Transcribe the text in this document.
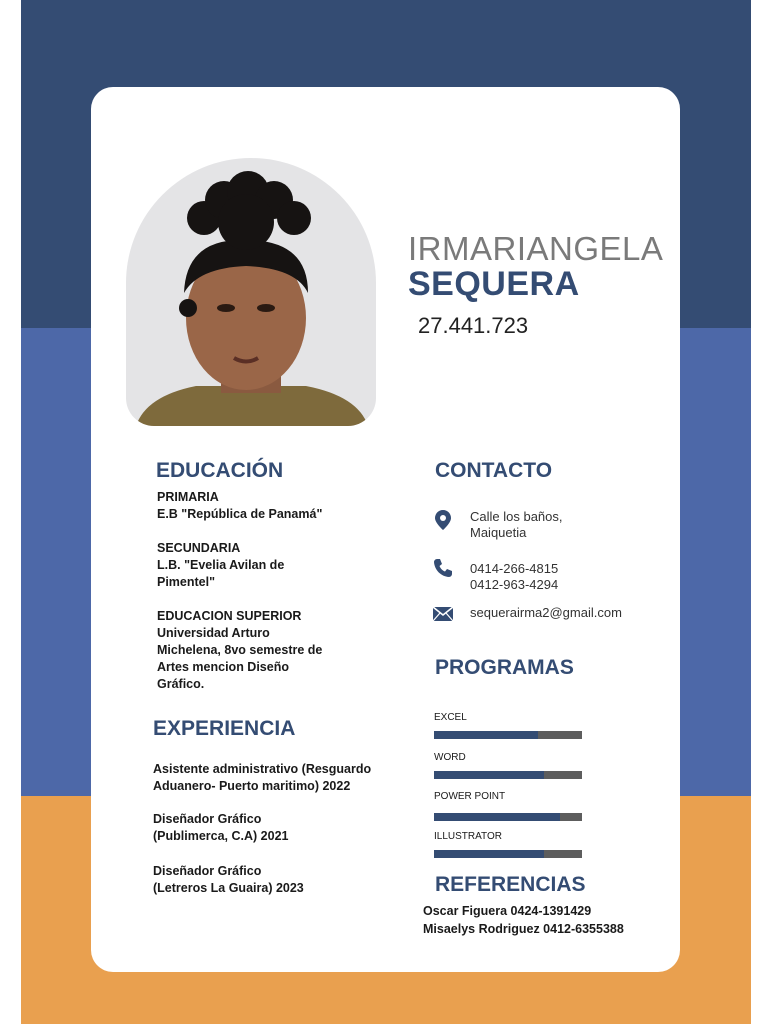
IRMARIANGELA
SEQUERA
27.441.723
EDUCACIÓN
PRIMARIA
E.B "República de Panamá"
SECUNDARIA
L.B. "Evelia Avilan de
Pimentel"
EDUCACION SUPERIOR
Universidad Arturo
Michelena, 8vo semestre de
Artes mencion Diseño
Gráfico.
EXPERIENCIA
Asistente administrativo (Resguardo
Aduanero- Puerto maritimo) 2022
Diseñador Gráfico
(Publimerca, C.A) 2021
Diseñador Gráfico
(Letreros La Guaira) 2023
CONTACTO
Calle los baños,
Maiquetia
0414-266-4815
0412-963-4294
sequerairma2@gmail.com
PROGRAMAS
EXCEL
WORD
POWER POINT
ILLUSTRATOR
REFERENCIAS
Oscar Figuera 0424-1391429
Misaelys Rodriguez 0412-6355388
